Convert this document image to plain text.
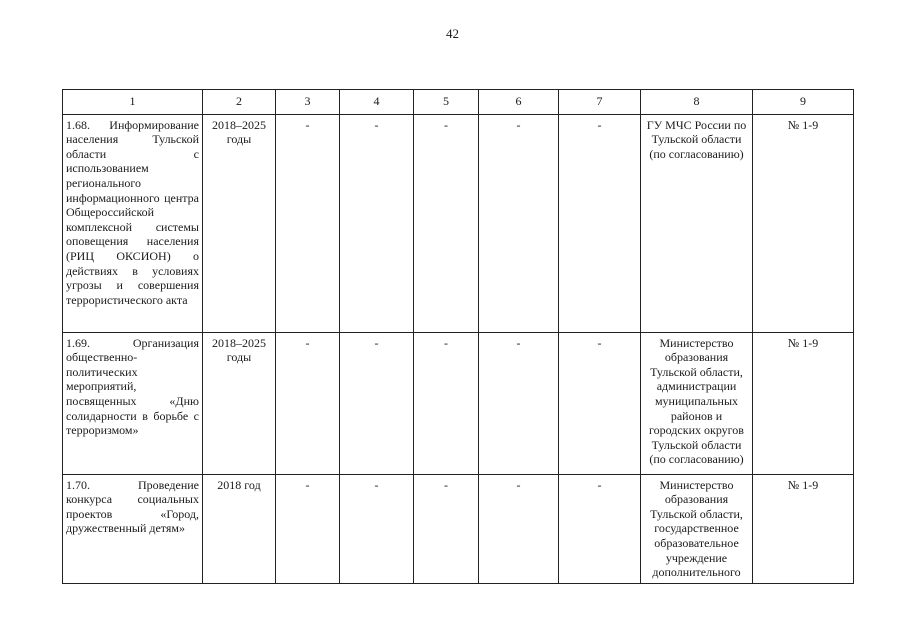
42
1	2	3	4	5	6	7	8	9
1.68. Информирование населения Тульской области с использованием регионального информационного центра Общероссийской комплексной системы оповещения населения (РИЦ ОКСИОН) о действиях в условиях угрозы и совершения террористического акта	2018–2025 годы	-	-	-	-	-	ГУ МЧС России по Тульской области (по согласованию)	№ 1-9
1.69. Организация общественно-политических мероприятий, посвященных «Дню солидарности в борьбе с терроризмом»	2018–2025 годы	-	-	-	-	-	Министерство образования Тульской области, администрации муниципальных районов и городских округов Тульской области (по согласованию)	№ 1-9
1.70. Проведение конкурса социальных проектов «Город, дружественный детям»	2018 год	-	-	-	-	-	Министерство образования Тульской области, государственное образовательное учреждение дополнительного	№ 1-9
